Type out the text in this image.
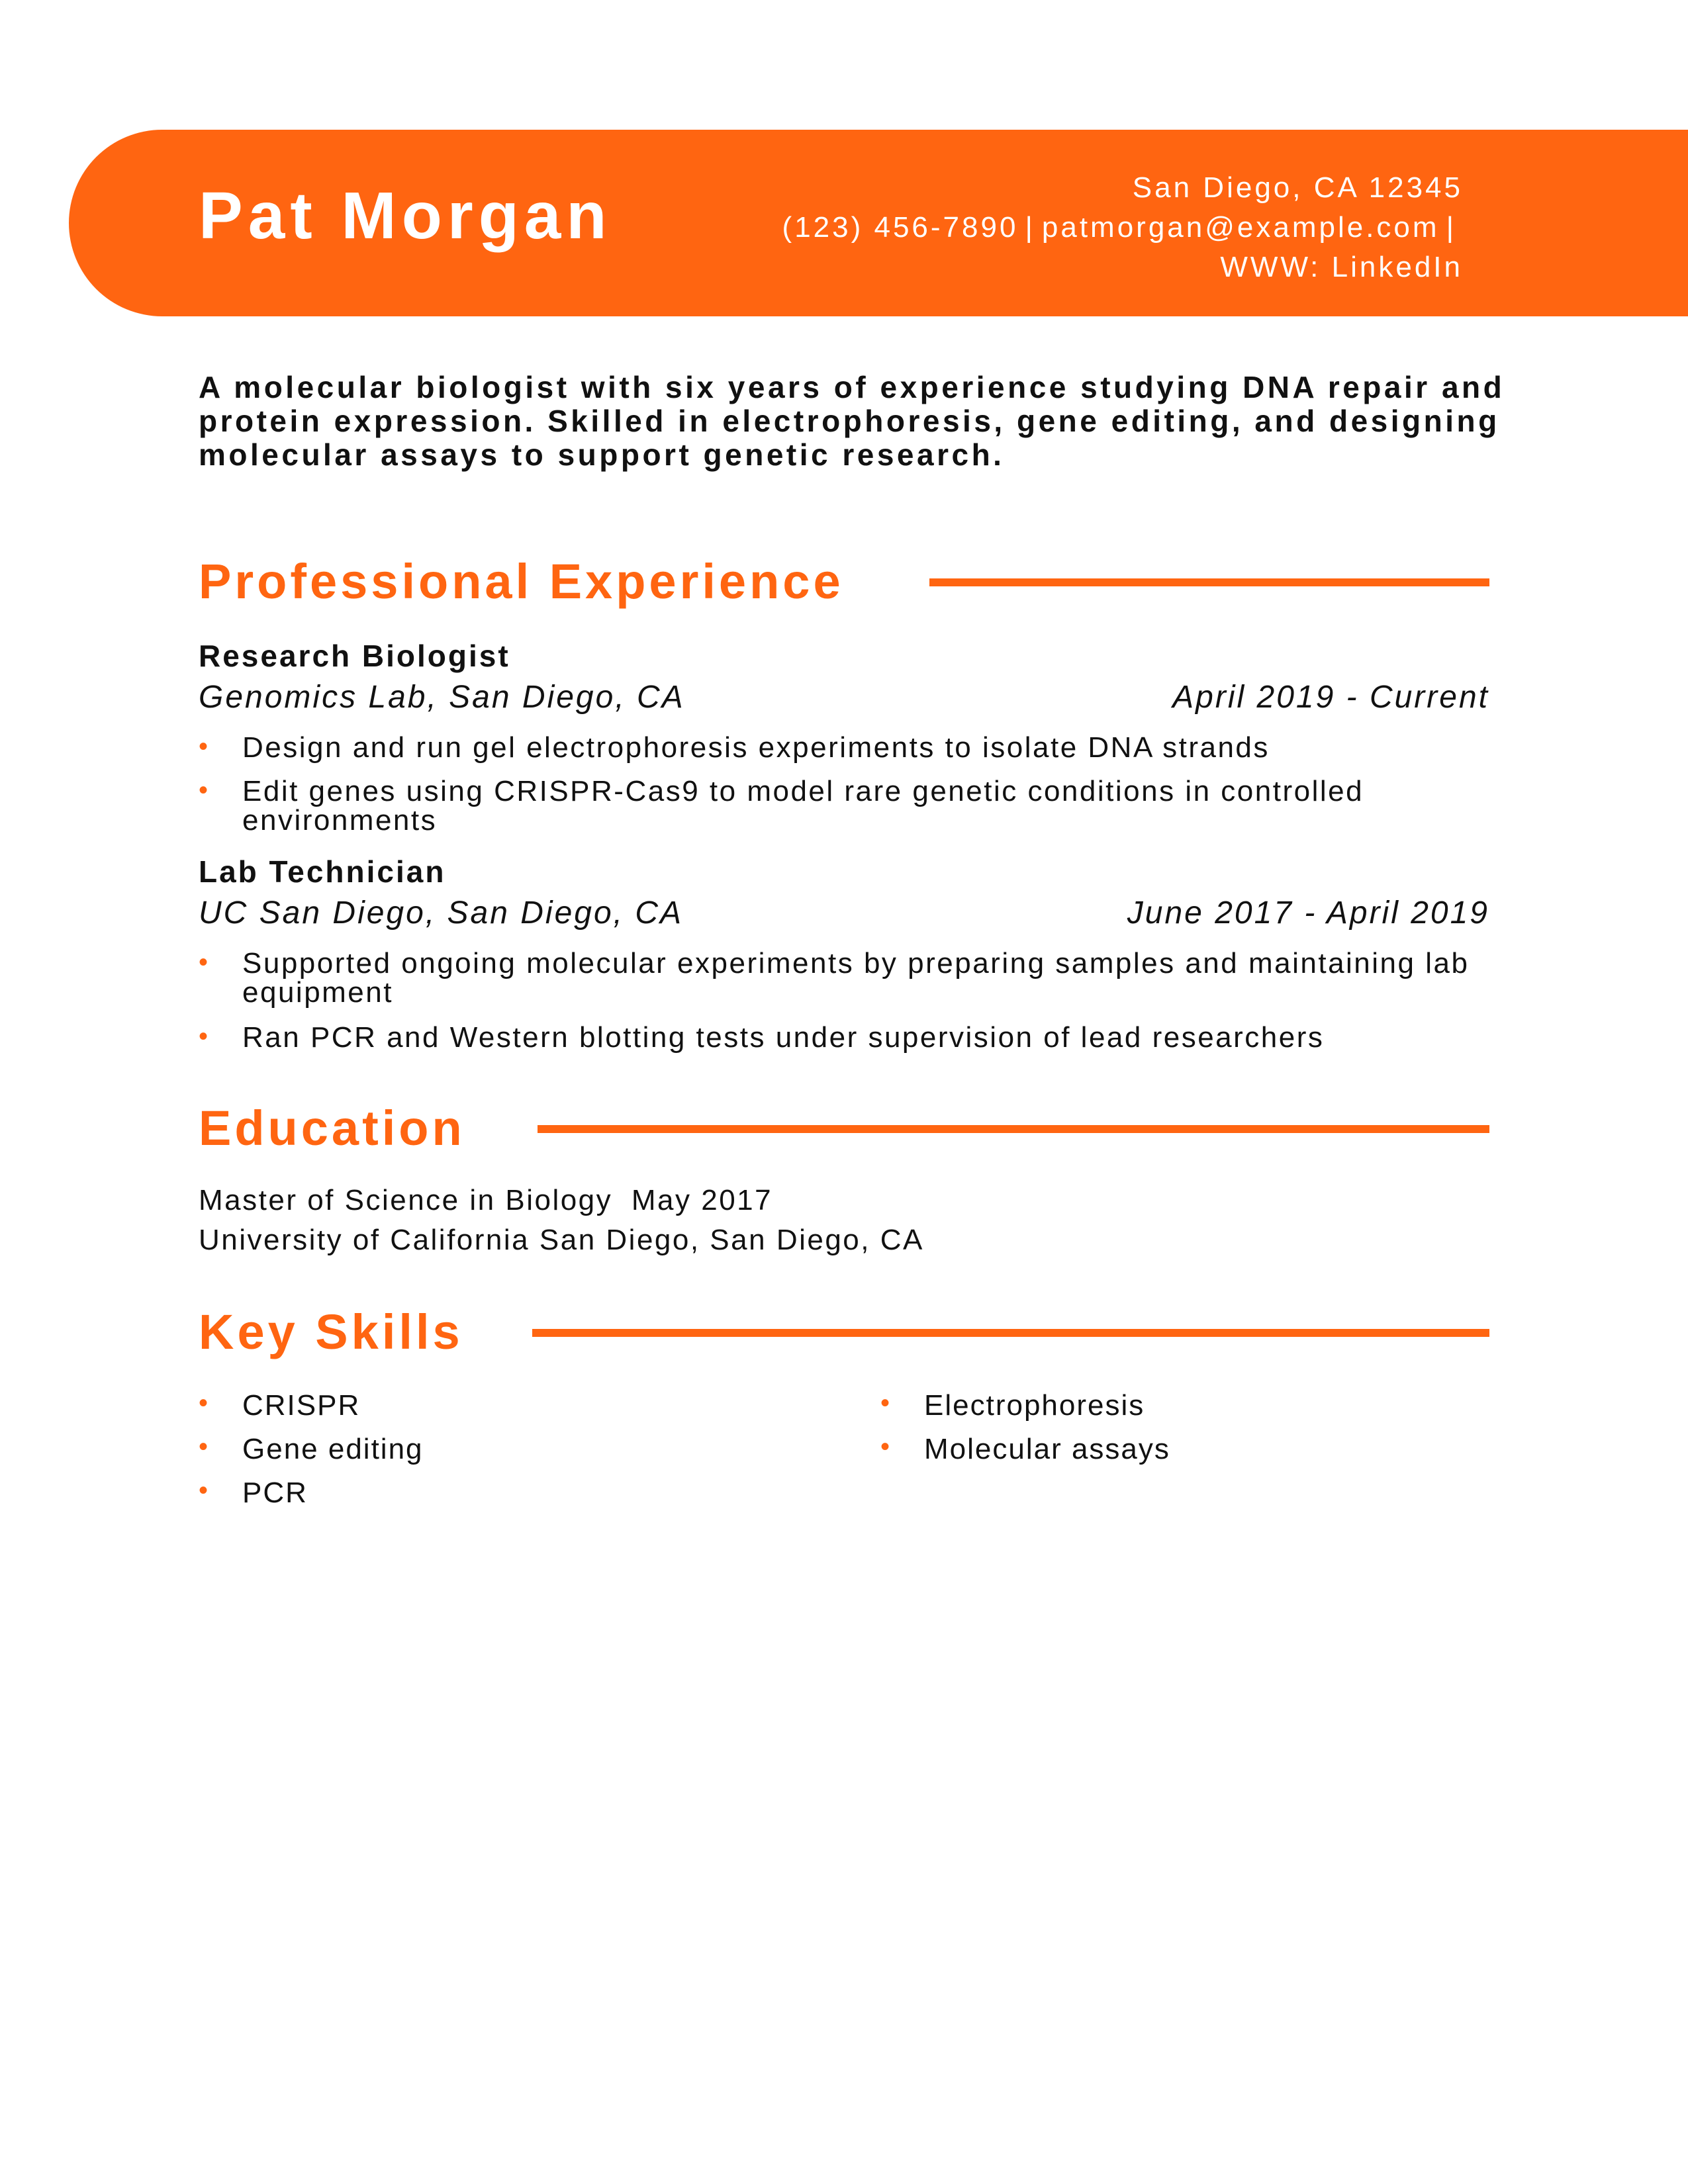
Pat Morgan	San Diego, CA 12345
(123) 456-7890 | patmorgan@example.com |
WWW: LinkedIn

A molecular biologist with six years of experience studying DNA repair and protein expression. Skilled in electrophoresis, gene editing, and designing molecular assays to support genetic research.

Professional Experience
Research Biologist
Genomics Lab, San Diego, CA	April 2019 - Current
• Design and run gel electrophoresis experiments to isolate DNA strands
• Edit genes using CRISPR-Cas9 to model rare genetic conditions in controlled environments
Lab Technician
UC San Diego, San Diego, CA	June 2017 - April 2019
• Supported ongoing molecular experiments by preparing samples and maintaining lab equipment
• Ran PCR and Western blotting tests under supervision of lead researchers
Education
Master of Science in Biology May 2017
University of California San Diego, San Diego, CA
Key Skills
• CRISPR
• Gene editing
• PCR
• Electrophoresis
• Molecular assays
